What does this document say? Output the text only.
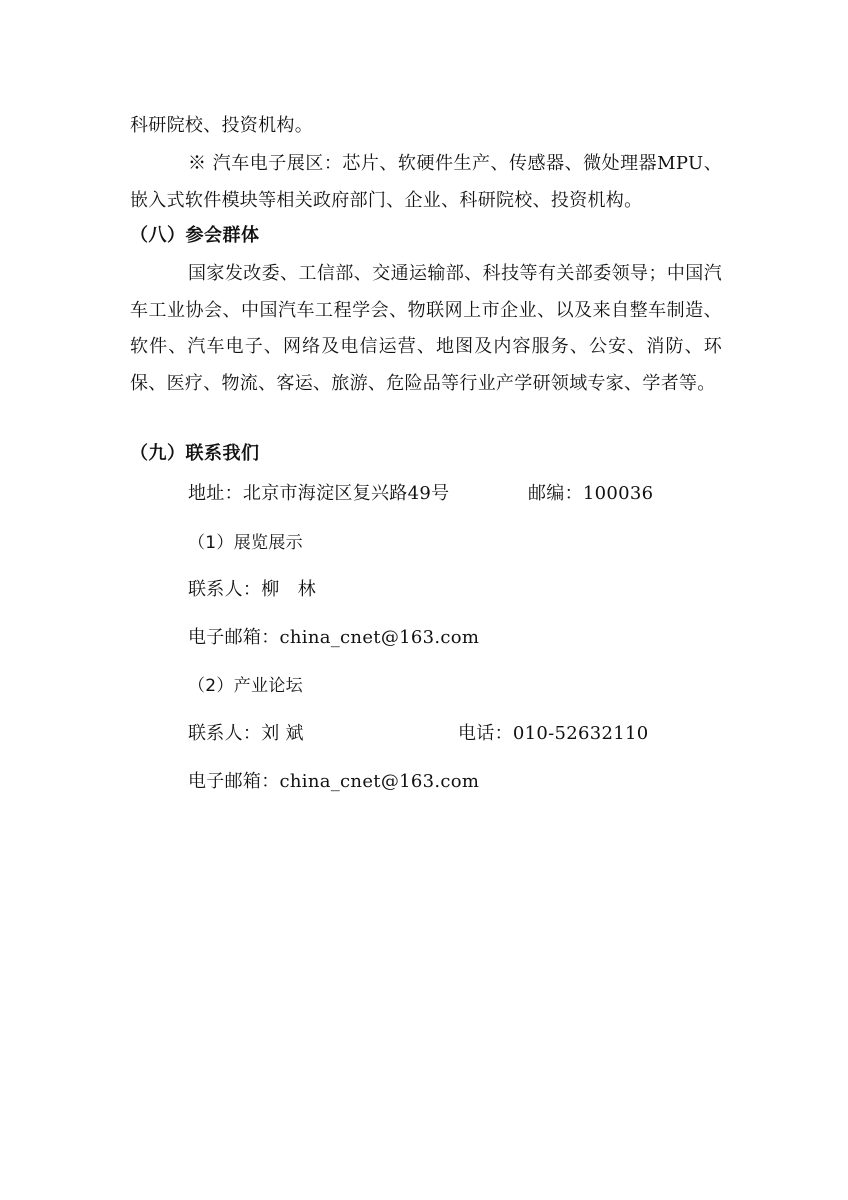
科研院校、投资机构。
※ 汽车电子展区：芯片、软硬件生产、传感器、微处理器MPU、嵌入式软件模块等相关政府部门、企业、科研院校、投资机构。
（八）参会群体
国家发改委、工信部、交通运输部、科技等有关部委领导；中国汽车工业协会、中国汽车工程学会、物联网上市企业、以及来自整车制造、软件、汽车电子、网络及电信运营、地图及内容服务、公安、消防、环保、医疗、物流、客运、旅游、危险品等行业产学研领域专家、学者等。
（九）联系我们
地址：北京市海淀区复兴路49号	邮编：100036
（1）展览展示
联系人：柳　林
电子邮箱：china_cnet@163.com
（2）产业论坛
联系人：刘 斌	电话：010-52632110
电子邮箱：china_cnet@163.com
